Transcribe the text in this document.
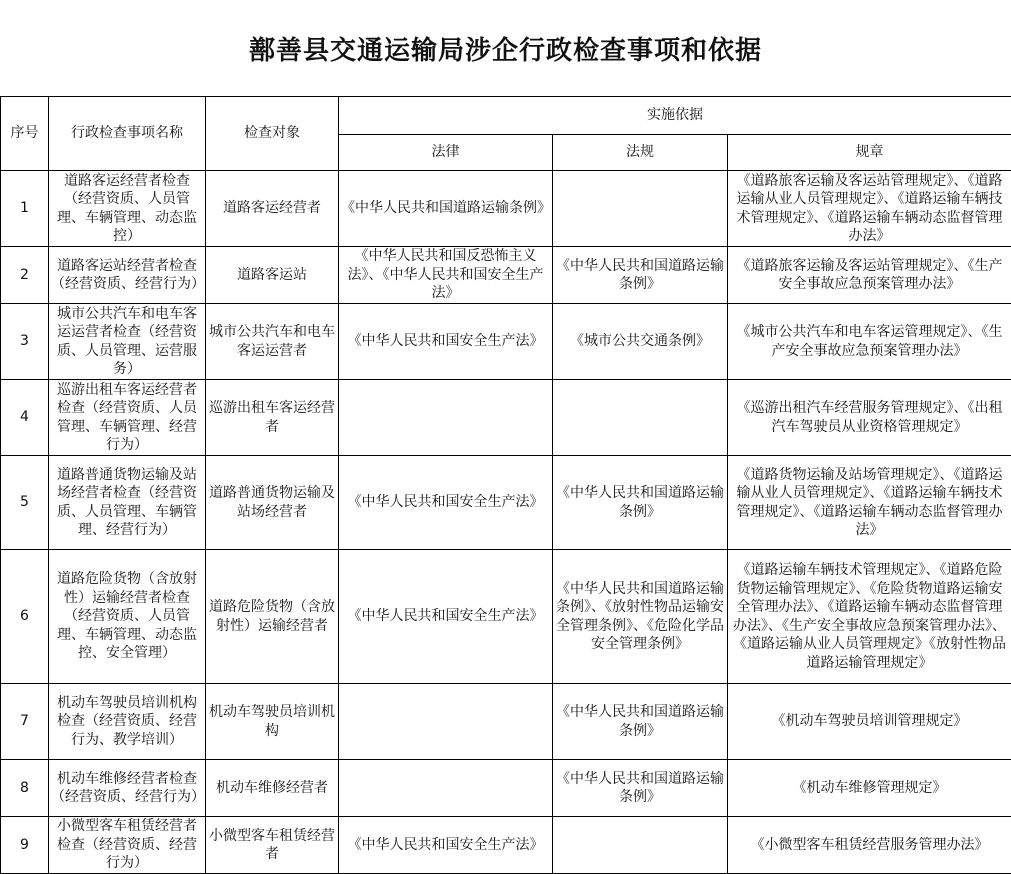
鄯善县交通运输局涉企行政检查事项和依据
序号	行政检查事项名称	检查对象	实施依据		
			法律	法规	规章
1	道路客运经营者检查（经营资质、人员管理、车辆管理、动态监控）	道路客运经营者	《中华人民共和国道路运输条例》		《道路旅客运输及客运站管理规定》、《道路运输从业人员管理规定》、《道路运输车辆技术管理规定》、《道路运输车辆动态监督管理办法》
2	道路客运站经营者检查（经营资质、经营行为）	道路客运站	《中华人民共和国反恐怖主义法》、《中华人民共和国安全生产法》	《中华人民共和国道路运输条例》	《道路旅客运输及客运站管理规定》、《生产安全事故应急预案管理办法》
3	城市公共汽车和电车客运运营者检查（经营资质、人员管理、运营服务）	城市公共汽车和电车客运运营者	《中华人民共和国安全生产法》	《城市公共交通条例》	《城市公共汽车和电车客运管理规定》、《生产安全事故应急预案管理办法》
4	巡游出租车客运经营者检查（经营资质、人员管理、车辆管理、经营行为）	巡游出租车客运经营者			《巡游出租汽车经营服务管理规定》、《出租汽车驾驶员从业资格管理规定》
5	道路普通货物运输及站场经营者检查（经营资质、人员管理、车辆管理、经营行为）	道路普通货物运输及站场经营者	《中华人民共和国安全生产法》	《中华人民共和国道路运输条例》	《道路货物运输及站场管理规定》、《道路运输从业人员管理规定》、《道路运输车辆技术管理规定》、《道路运输车辆动态监督管理办法》
6	道路危险货物（含放射性）运输经营者检查（经营资质、人员管理、车辆管理、动态监控、安全管理）	道路危险货物（含放射性）运输经营者	《中华人民共和国安全生产法》	《中华人民共和国道路运输条例》、《放射性物品运输安全管理条例》、《危险化学品安全管理条例》	《道路运输车辆技术管理规定》、《道路危险货物运输管理规定》、《危险货物道路运输安全管理办法》、《道路运输车辆动态监督管理办法》、《生产安全事故应急预案管理办法》、《道路运输从业人员管理规定》《放射性物品道路运输管理规定》
7	机动车驾驶员培训机构检查（经营资质、经营行为、教学培训）	机动车驾驶员培训机构		《中华人民共和国道路运输条例》	《机动车驾驶员培训管理规定》
8	机动车维修经营者检查（经营资质、经营行为）	机动车维修经营者		《中华人民共和国道路运输条例》	《机动车维修管理规定》
9	小微型客车租赁经营者检查（经营资质、经营行为）	小微型客车租赁经营者	《中华人民共和国安全生产法》		《小微型客车租赁经营服务管理办法》
